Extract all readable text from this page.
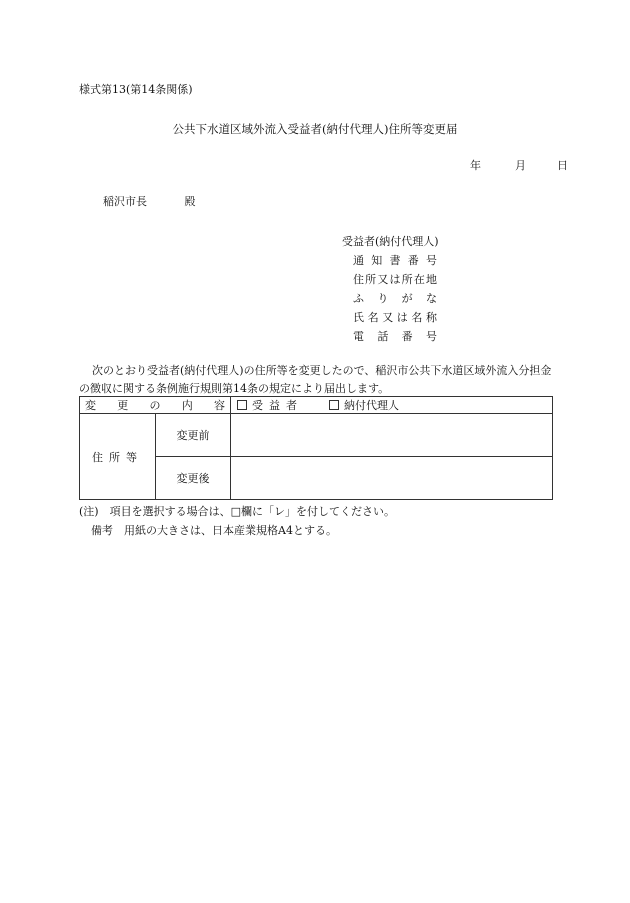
様式第13(第14条関係)
公共下水道区域外流入受益者(納付代理人)住所等変更届
年	月	日
稲沢市長	殿
受益者(納付代理人)
通知書番号
住所又は所在地
ふりがな
氏名又は名称
電話番号
次のとおり受益者(納付代理人)の住所等を変更したので、稲沢市公共下水道区域外流入分担金の徴収に関する条例施行規則第14条の規定により届出します。
変更の内容		受益者 納付代理人
住所等	変更前	
	変更後	
(注)　項目を選択する場合は、□欄に「レ」を付してください。
備考　用紙の大きさは、日本産業規格A4とする。
